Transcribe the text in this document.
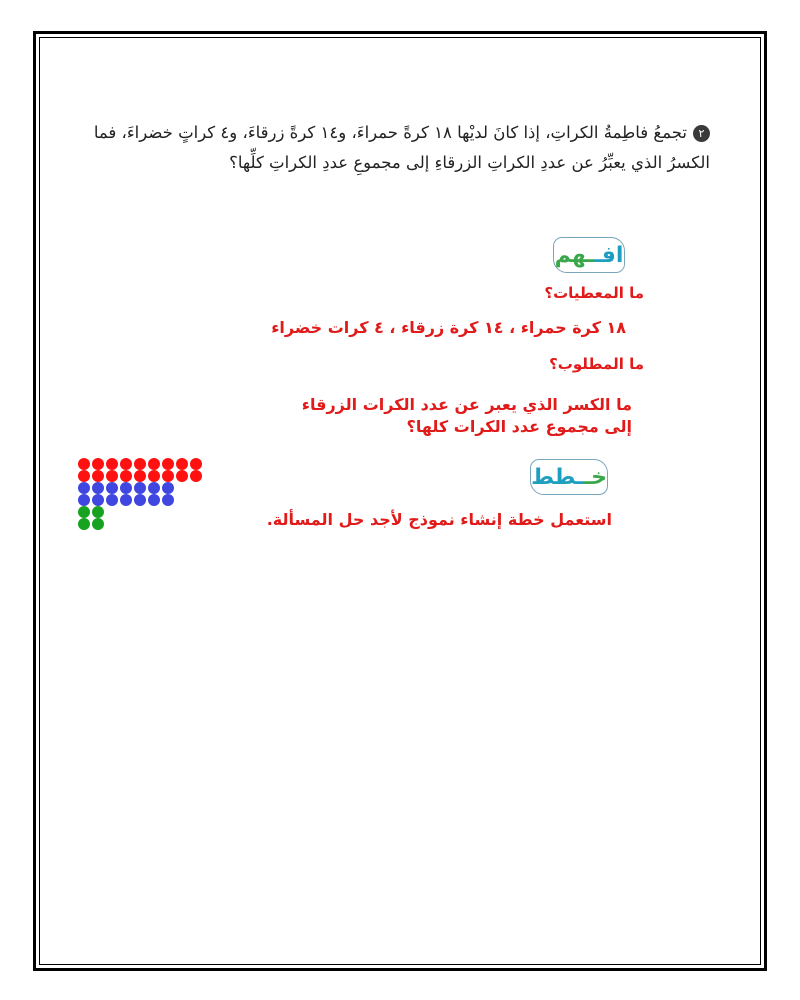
٢تجمعُ فاطِمةُ الكراتِ، إذا كانَ لديْها ١٨ كرةً حمراءَ، و١٤ كرةً زرقاءَ، و٤ كراتٍ خضراءَ، فما الكسرُ الذي يعبِّرُ عن عددِ الكراتِ الزرقاءِ إلى مجموعِ عددِ الكراتِ كلِّها؟
افـ
ـهم
ما المعطيات؟
١٨ كرة حمراء ، ١٤ كرة زرقاء ، ٤ كرات خضراء
ما المطلوب؟
ما الكسر الذي يعبر عن عدد الكرات الزرقاء إلى مجموع عدد الكرات كلها؟
خـ
ـطط
استعمل خطة إنشاء نموذج لأجد حل المسألة.
